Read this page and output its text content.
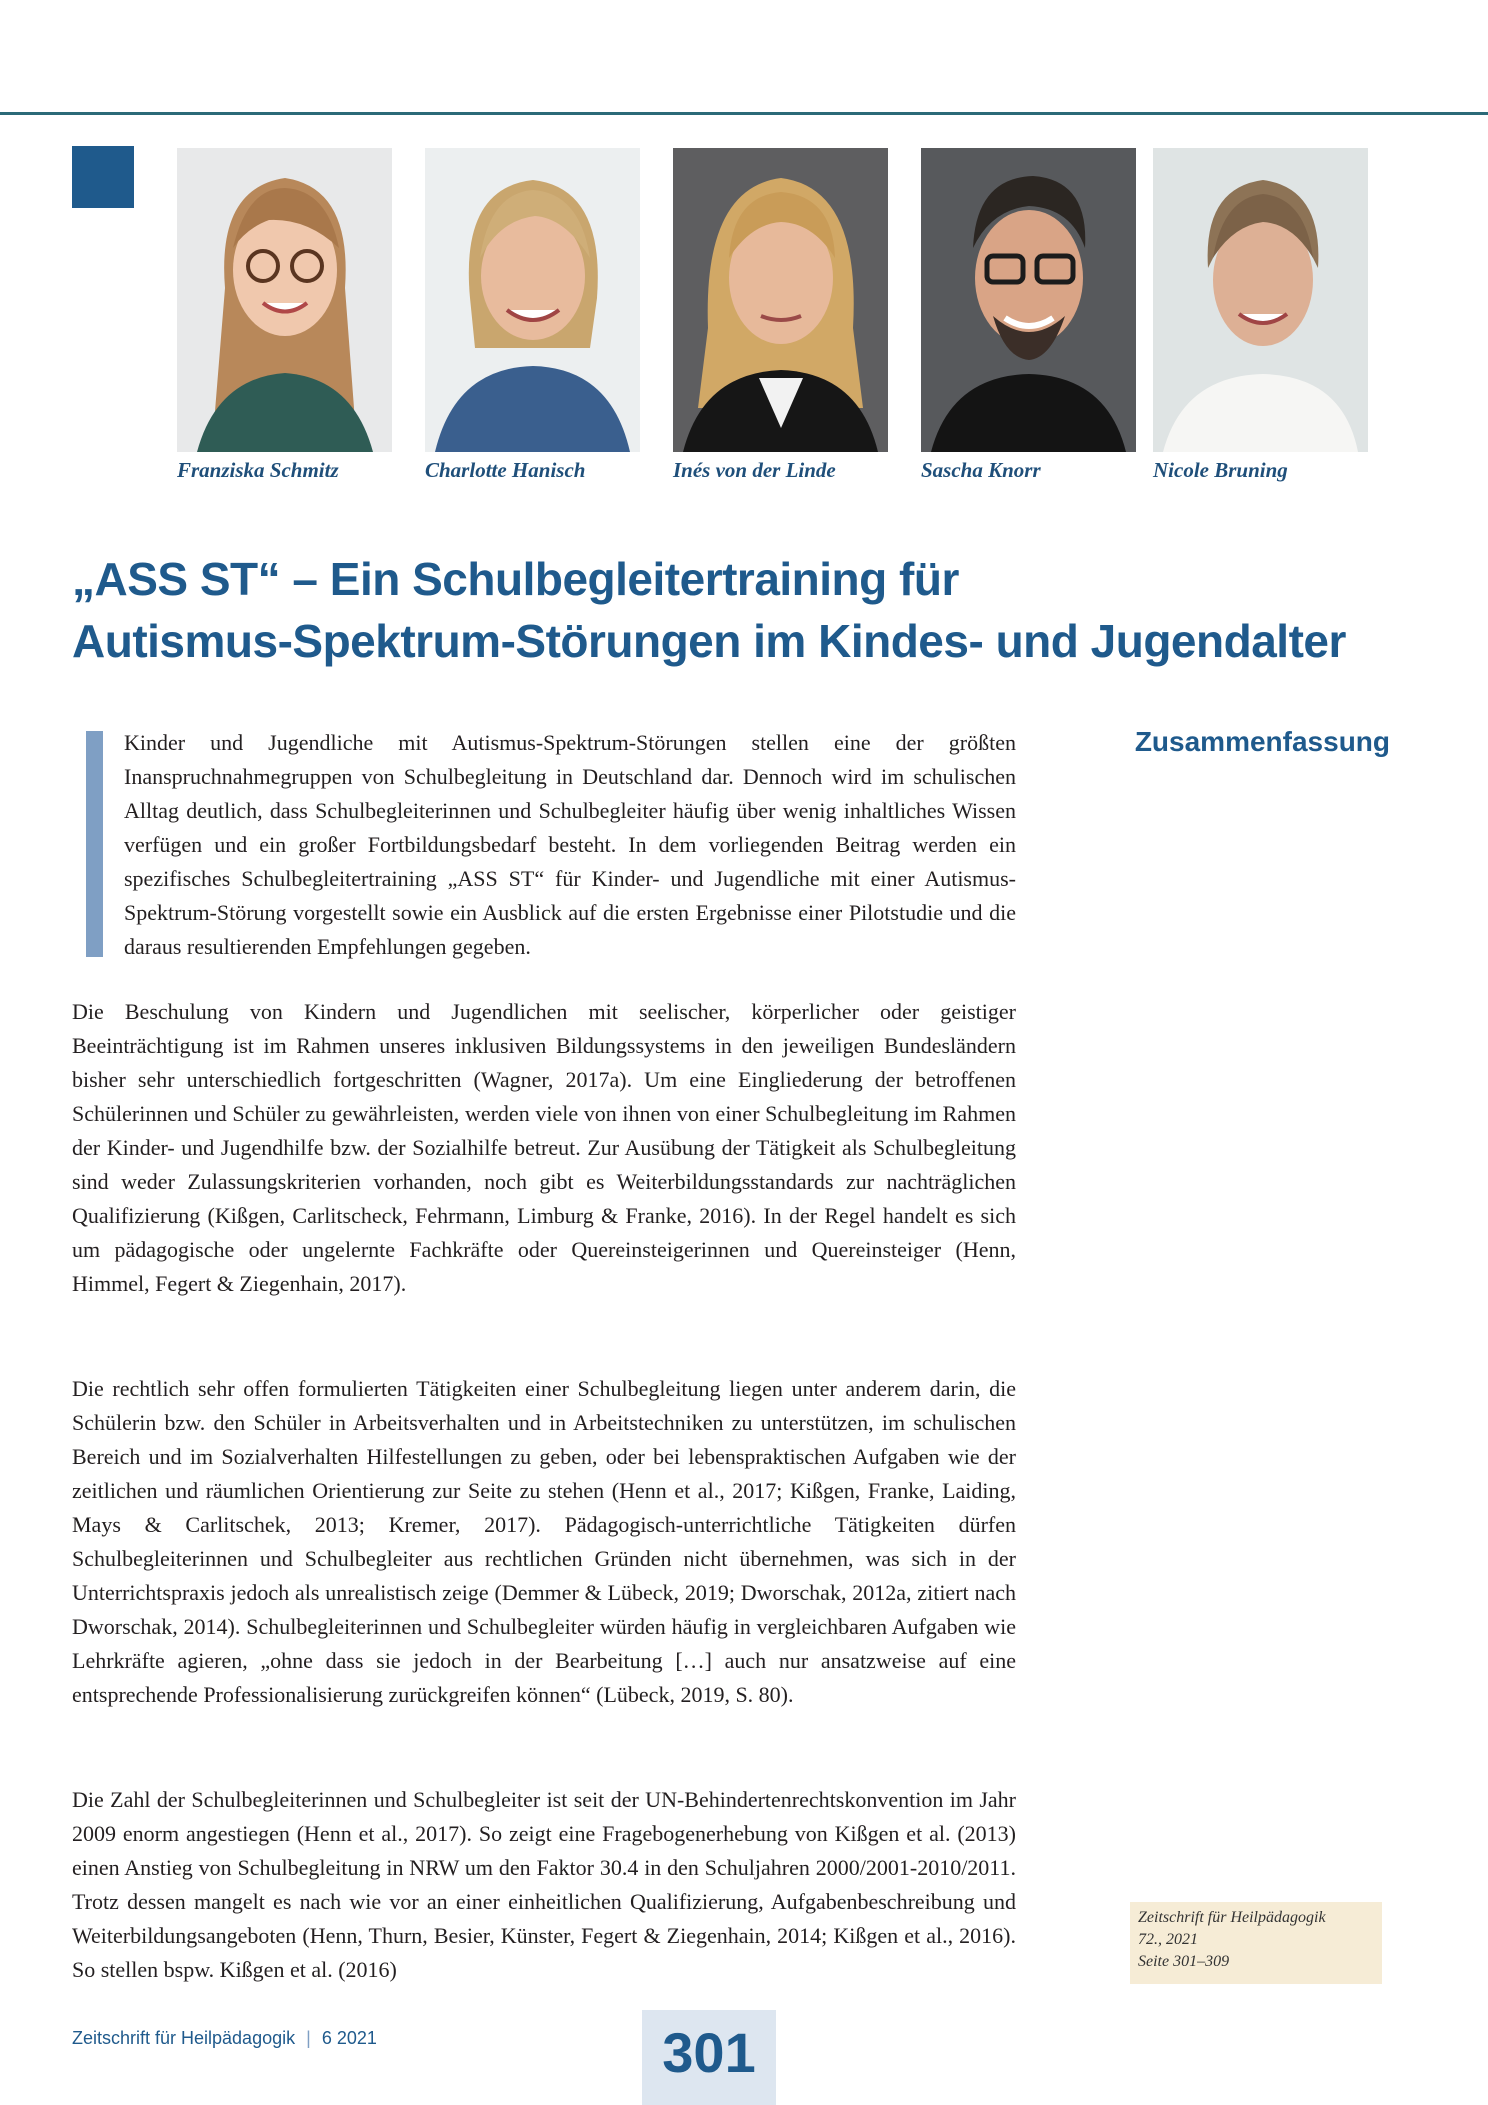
Franziska Schmitz	Charlotte Hanisch	Inés von der Linde	Sascha Knorr	Nicole Bruning
„ASS ST“ – Ein Schulbegleitertraining für
Autismus-Spektrum-Störungen im Kindes- und Jugendalter

Kinder und Jugendliche mit Autismus-Spektrum-Störungen stellen eine der größten Inanspruchnahmegruppen von Schulbegleitung in Deutschland dar. Dennoch wird im schulischen Alltag deutlich, dass Schulbegleiterinnen und Schulbegleiter häufig über wenig inhaltliches Wissen verfügen und ein großer Fortbildungsbedarf besteht. In dem vorliegenden Beitrag werden ein spezifisches Schulbegleitertraining „ASS ST“ für Kinder- und Jugendliche mit einer Autismus-Spektrum-Störung vorgestellt sowie ein Ausblick auf die ersten Ergebnisse einer Pilotstudie und die daraus resultierenden Empfehlungen gegeben.

Zusammenfassung

Die Beschulung von Kindern und Jugendlichen mit seelischer, körperlicher oder geistiger Beeinträchtigung ist im Rahmen unseres inklusiven Bildungssystems in den jeweiligen Bundesländern bisher sehr unterschiedlich fortgeschritten (Wagner, 2017a). Um eine Eingliederung der betroffenen Schülerinnen und Schüler zu gewährleisten, werden viele von ihnen von einer Schulbegleitung im Rahmen der Kinder- und Jugendhilfe bzw. der Sozialhilfe betreut. Zur Ausübung der Tätigkeit als Schulbegleitung sind weder Zulassungskriterien vorhanden, noch gibt es Weiterbildungsstandards zur nachträglichen Qualifizierung (Kißgen, Carlitscheck, Fehrmann, Limburg & Franke, 2016). In der Regel handelt es sich um pädagogische oder ungelernte Fachkräfte oder Quereinsteigerinnen und Quereinsteiger (Henn, Himmel, Fegert & Ziegenhain, 2017).

Die rechtlich sehr offen formulierten Tätigkeiten einer Schulbegleitung liegen unter anderem darin, die Schülerin bzw. den Schüler in Arbeitsverhalten und in Arbeitstechniken zu unterstützen, im schulischen Bereich und im Sozialverhalten Hilfestellungen zu geben, oder bei lebenspraktischen Aufgaben wie der zeitlichen und räumlichen Orientierung zur Seite zu stehen (Henn et al., 2017; Kißgen, Franke, Laiding, Mays & Carlitschek, 2013; Kremer, 2017). Pädagogisch-unterrichtliche Tätigkeiten dürfen Schulbegleiterinnen und Schulbegleiter aus rechtlichen Gründen nicht übernehmen, was sich in der Unterrichtspraxis jedoch als unrealistisch zeige (Demmer & Lübeck, 2019; Dworschak, 2012a, zitiert nach Dworschak, 2014). Schulbegleiterinnen und Schulbegleiter würden häufig in vergleichbaren Aufgaben wie Lehrkräfte agieren, „ohne dass sie jedoch in der Bearbeitung […] auch nur ansatzweise auf eine entsprechende Professionalisierung zurückgreifen können“ (Lübeck, 2019, S. 80).

Die Zahl der Schulbegleiterinnen und Schulbegleiter ist seit der UN-Behindertenrechtskonvention im Jahr 2009 enorm angestiegen (Henn et al., 2017). So zeigt eine Fragebogenerhebung von Kißgen et al. (2013) einen Anstieg von Schulbegleitung in NRW um den Faktor 30.4 in den Schuljahren 2000/2001-2010/2011. Trotz dessen mangelt es nach wie vor an einer einheitlichen Qualifizierung, Aufgabenbeschreibung und Weiterbildungsangeboten (Henn, Thurn, Besier, Künster, Fegert & Ziegenhain, 2014; Kißgen et al., 2016). So stellen bspw. Kißgen et al. (2016)

Zeitschrift für Heilpädagogik
72., 2021
Seite 301–309
Zeitschrift für Heilpädagogik | 6 2021	301
